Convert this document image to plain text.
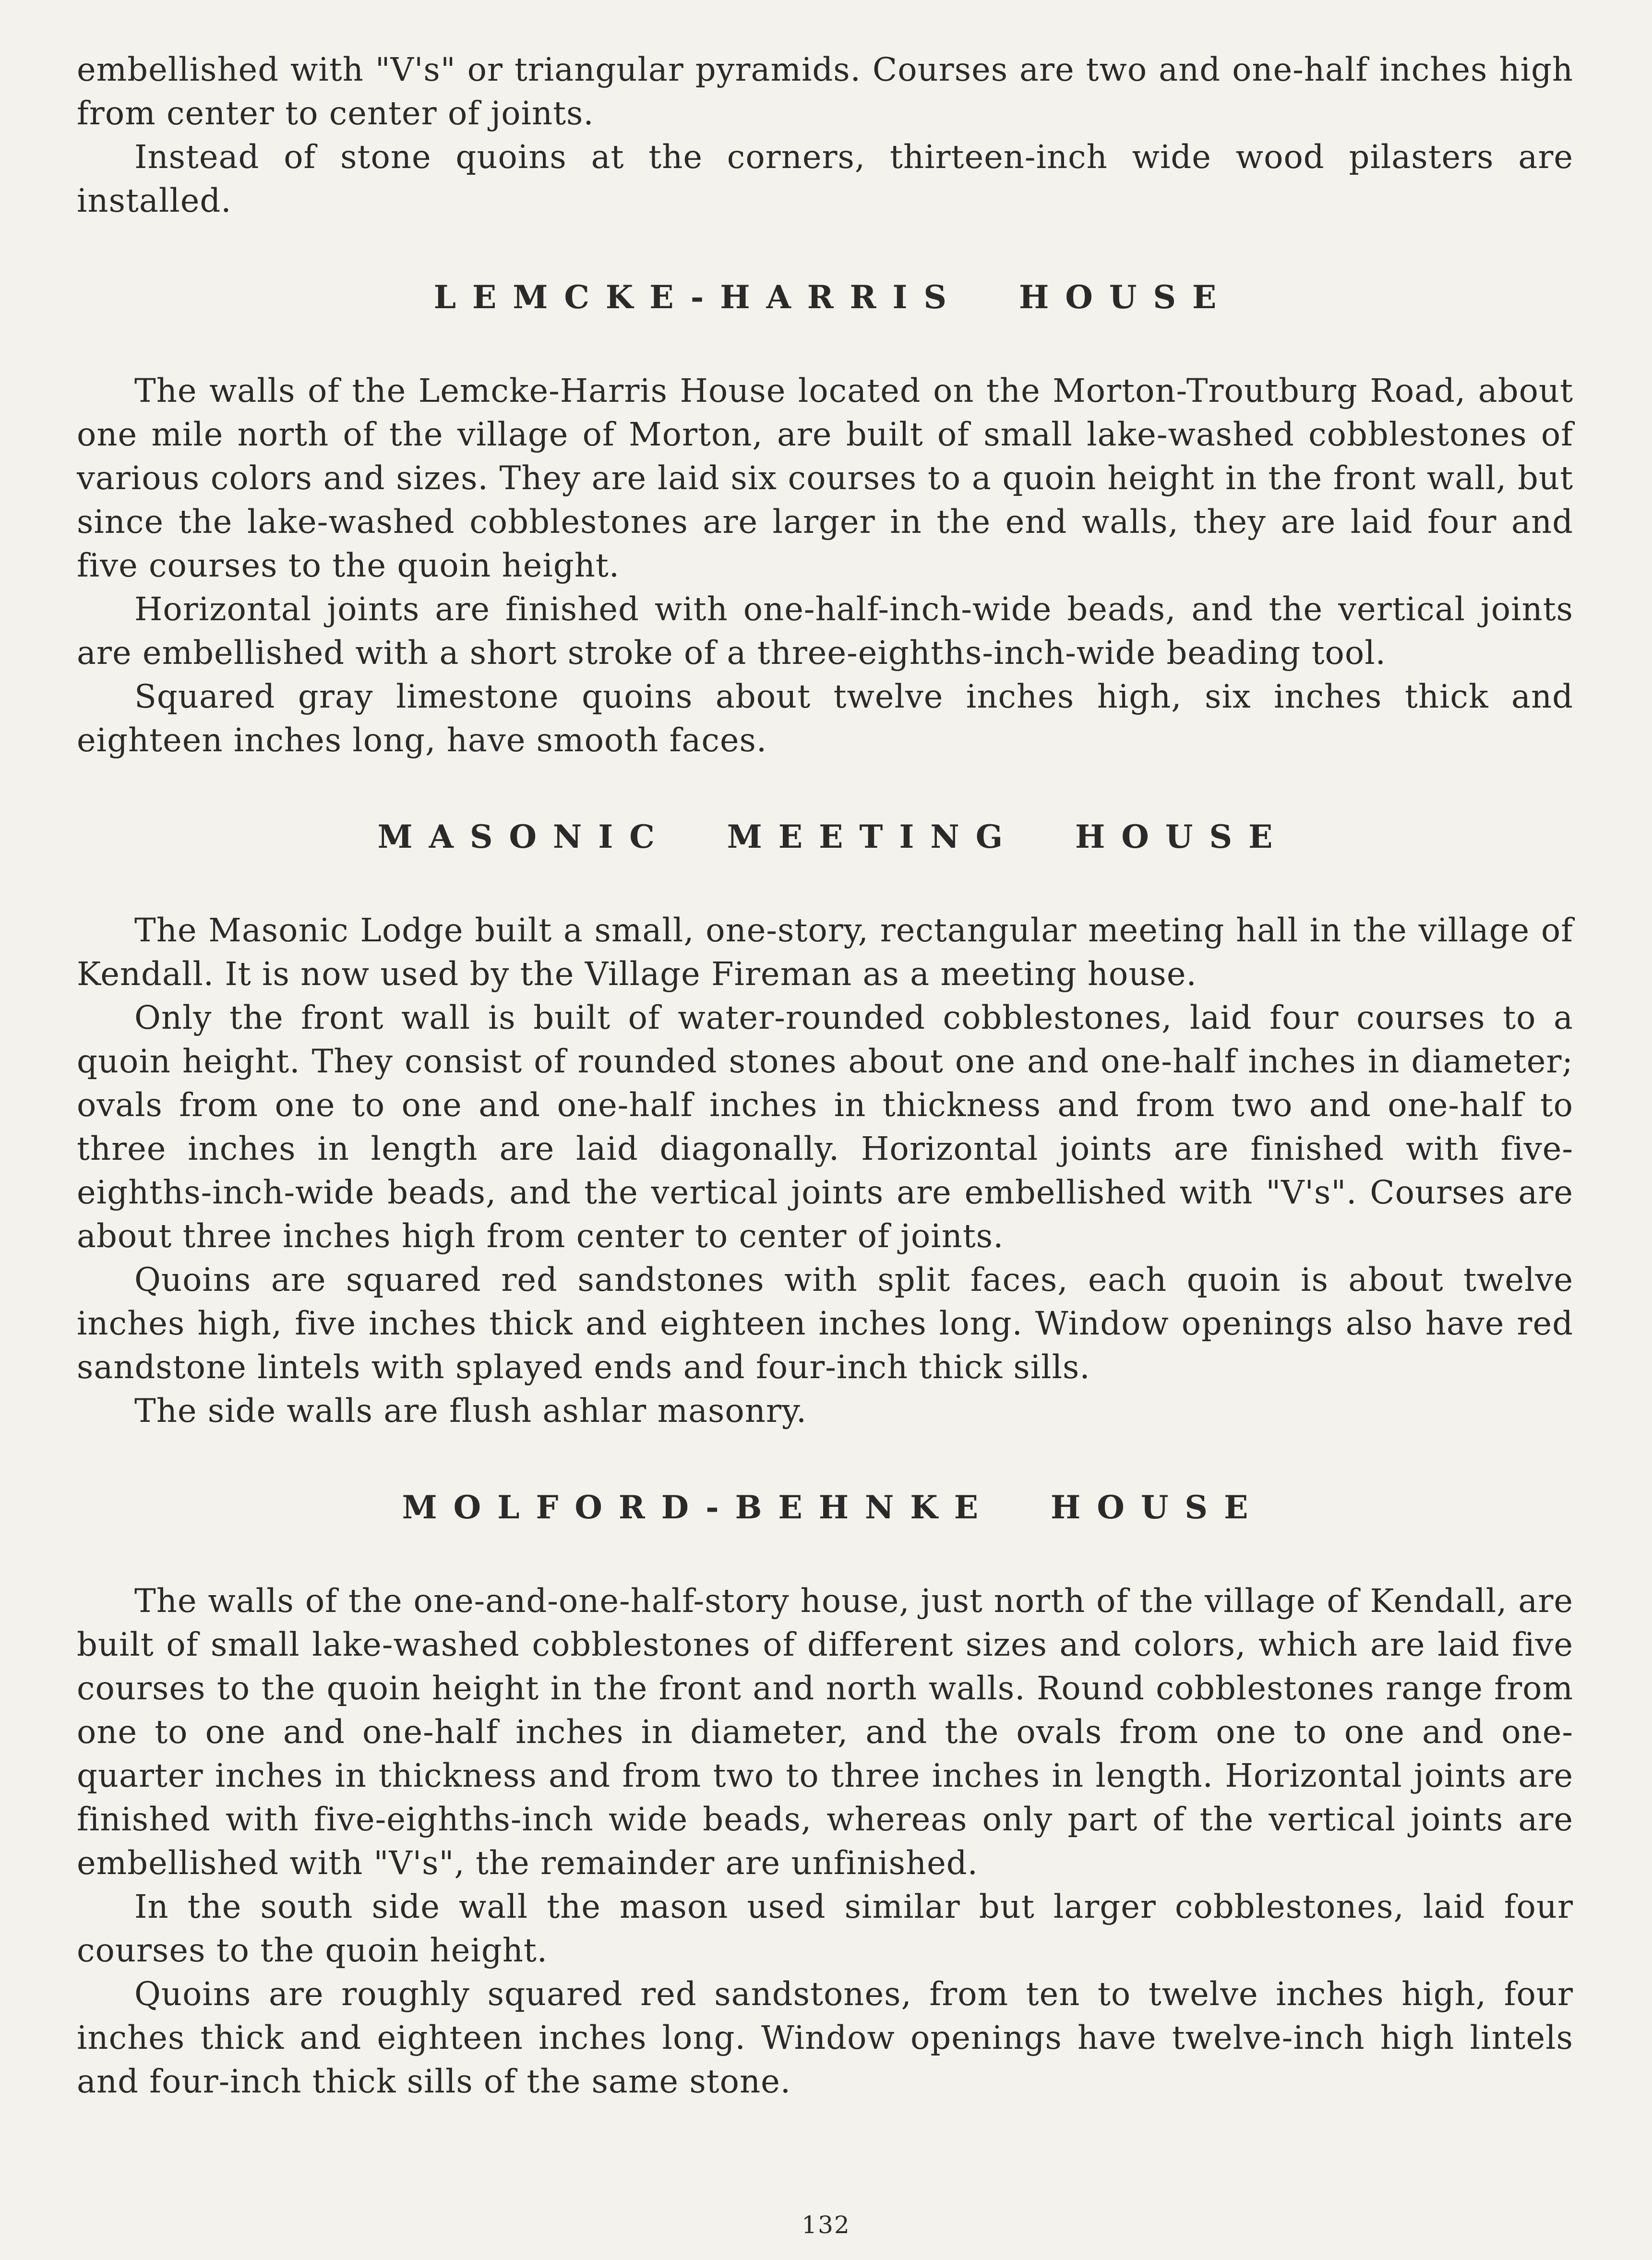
embellished with "V's" or triangular pyramids. Courses are two and one-half inches high from center to center of joints.

Instead of stone quoins at the corners, thirteen-inch wide wood pilasters are installed.

LEMCKE-HARRIS HOUSE

The walls of the Lemcke-Harris House located on the Morton-Troutburg Road, about one mile north of the village of Morton, are built of small lake-washed cobblestones of various colors and sizes. They are laid six courses to a quoin height in the front wall, but since the lake-washed cobblestones are larger in the end walls, they are laid four and five courses to the quoin height.

Horizontal joints are finished with one-half-inch-wide beads, and the vertical joints are embellished with a short stroke of a three-eighths-inch-wide beading tool.

Squared gray limestone quoins about twelve inches high, six inches thick and eighteen inches long, have smooth faces.

MASONIC MEETING HOUSE

The Masonic Lodge built a small, one-story, rectangular meeting hall in the village of Kendall. It is now used by the Village Fireman as a meeting house.

Only the front wall is built of water-rounded cobblestones, laid four courses to a quoin height. They consist of rounded stones about one and one-half inches in diameter; ovals from one to one and one-half inches in thickness and from two and one-half to three inches in length are laid diagonally. Horizontal joints are finished with five-eighths-inch-wide beads, and the vertical joints are embellished with "V's". Courses are about three inches high from center to center of joints.

Quoins are squared red sandstones with split faces, each quoin is about twelve inches high, five inches thick and eighteen inches long. Window openings also have red sandstone lintels with splayed ends and four-inch thick sills.

The side walls are flush ashlar masonry.

MOLFORD-BEHNKE HOUSE

The walls of the one-and-one-half-story house, just north of the village of Kendall, are built of small lake-washed cobblestones of different sizes and colors, which are laid five courses to the quoin height in the front and north walls. Round cobblestones range from one to one and one-half inches in diameter, and the ovals from one to one and one-quarter inches in thickness and from two to three inches in length. Horizontal joints are finished with five-eighths-inch wide beads, whereas only part of the vertical joints are embellished with "V's", the remainder are unfinished.

In the south side wall the mason used similar but larger cobblestones, laid four courses to the quoin height.

Quoins are roughly squared red sandstones, from ten to twelve inches high, four inches thick and eighteen inches long. Window openings have twelve-inch high lintels and four-inch thick sills of the same stone.

132
